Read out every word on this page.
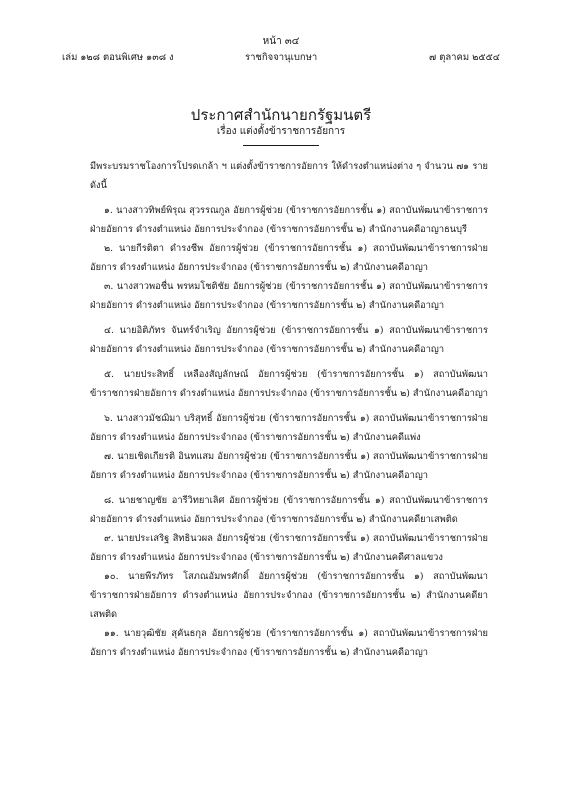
หน้า ๓๔
เล่ม ๑๒๘ ตอนพิเศษ ๑๓๘ ง	ราชกิจจานุเบกษา	๗ ตุลาคม ๒๕๕๔
ประกาศสำนักนายกรัฐมนตรี
เรื่อง แต่งตั้งข้าราชการอัยการ

มีพระบรมราชโองการโปรดเกล้า ฯ แต่งตั้งข้าราชการอัยการ ให้ดำรงตำแหน่งต่าง ๆ จำนวน ๗๑ ราย ดังนี้

๑. นางสาวทิพย์พิรุณ สุวรรณกูล อัยการผู้ช่วย (ข้าราชการอัยการชั้น ๑) สถาบันพัฒนาข้าราชการฝ่ายอัยการ ดำรงตำแหน่ง อัยการประจำกอง (ข้าราชการอัยการชั้น ๒) สำนักงานคดีอาญาธนบุรี

๒. นายกีรติตา ดำรงชีพ อัยการผู้ช่วย (ข้าราชการอัยการชั้น ๑) สถาบันพัฒนาข้าราชการฝ่ายอัยการ ดำรงตำแหน่ง อัยการประจำกอง (ข้าราชการอัยการชั้น ๒) สำนักงานคดีอาญา

๓. นางสาวพอชื่น พรหมโชติชัย อัยการผู้ช่วย (ข้าราชการอัยการชั้น ๑) สถาบันพัฒนาข้าราชการฝ่ายอัยการ ดำรงตำแหน่ง อัยการประจำกอง (ข้าราชการอัยการชั้น ๒) สำนักงานคดีอาญา

๔. นายอิติภัทร จันทร์จำเริญ อัยการผู้ช่วย (ข้าราชการอัยการชั้น ๑) สถาบันพัฒนาข้าราชการฝ่ายอัยการ ดำรงตำแหน่ง อัยการประจำกอง (ข้าราชการอัยการชั้น ๒) สำนักงานคดีอาญา

๕. นายประสิทธิ์ เหลืองสัญลักษณ์ อัยการผู้ช่วย (ข้าราชการอัยการชั้น ๑) สถาบันพัฒนาข้าราชการฝ่ายอัยการ ดำรงตำแหน่ง อัยการประจำกอง (ข้าราชการอัยการชั้น ๒) สำนักงานคดีอาญา

๖. นางสาวมัชฌิมา บริสุทธิ์ อัยการผู้ช่วย (ข้าราชการอัยการชั้น ๑) สถาบันพัฒนาข้าราชการฝ่ายอัยการ ดำรงตำแหน่ง อัยการประจำกอง (ข้าราชการอัยการชั้น ๒) สำนักงานคดีแพ่ง

๗. นายเชิดเกียรติ อินทแสม อัยการผู้ช่วย (ข้าราชการอัยการชั้น ๑) สถาบันพัฒนาข้าราชการฝ่ายอัยการ ดำรงตำแหน่ง อัยการประจำกอง (ข้าราชการอัยการชั้น ๒) สำนักงานคดีอาญา

๘. นายชาญชัย อารีวิทยาเลิศ อัยการผู้ช่วย (ข้าราชการอัยการชั้น ๑) สถาบันพัฒนาข้าราชการฝ่ายอัยการ ดำรงตำแหน่ง อัยการประจำกอง (ข้าราชการอัยการชั้น ๒) สำนักงานคดียาเสพติด

๙. นายประเสริฐ สิทธินวผล อัยการผู้ช่วย (ข้าราชการอัยการชั้น ๑) สถาบันพัฒนาข้าราชการฝ่ายอัยการ ดำรงตำแหน่ง อัยการประจำกอง (ข้าราชการอัยการชั้น ๒) สำนักงานคดีศาลแขวง

๑๐. นายพีรภัทร โสภณอัมพรศักดิ์ อัยการผู้ช่วย (ข้าราชการอัยการชั้น ๑) สถาบันพัฒนาข้าราชการฝ่ายอัยการ ดำรงตำแหน่ง อัยการประจำกอง (ข้าราชการอัยการชั้น ๒) สำนักงานคดียาเสพติด

๑๑. นายวุฒิชัย สุคันธกุล อัยการผู้ช่วย (ข้าราชการอัยการชั้น ๑) สถาบันพัฒนาข้าราชการฝ่ายอัยการ ดำรงตำแหน่ง อัยการประจำกอง (ข้าราชการอัยการชั้น ๒) สำนักงานคดีอาญา
